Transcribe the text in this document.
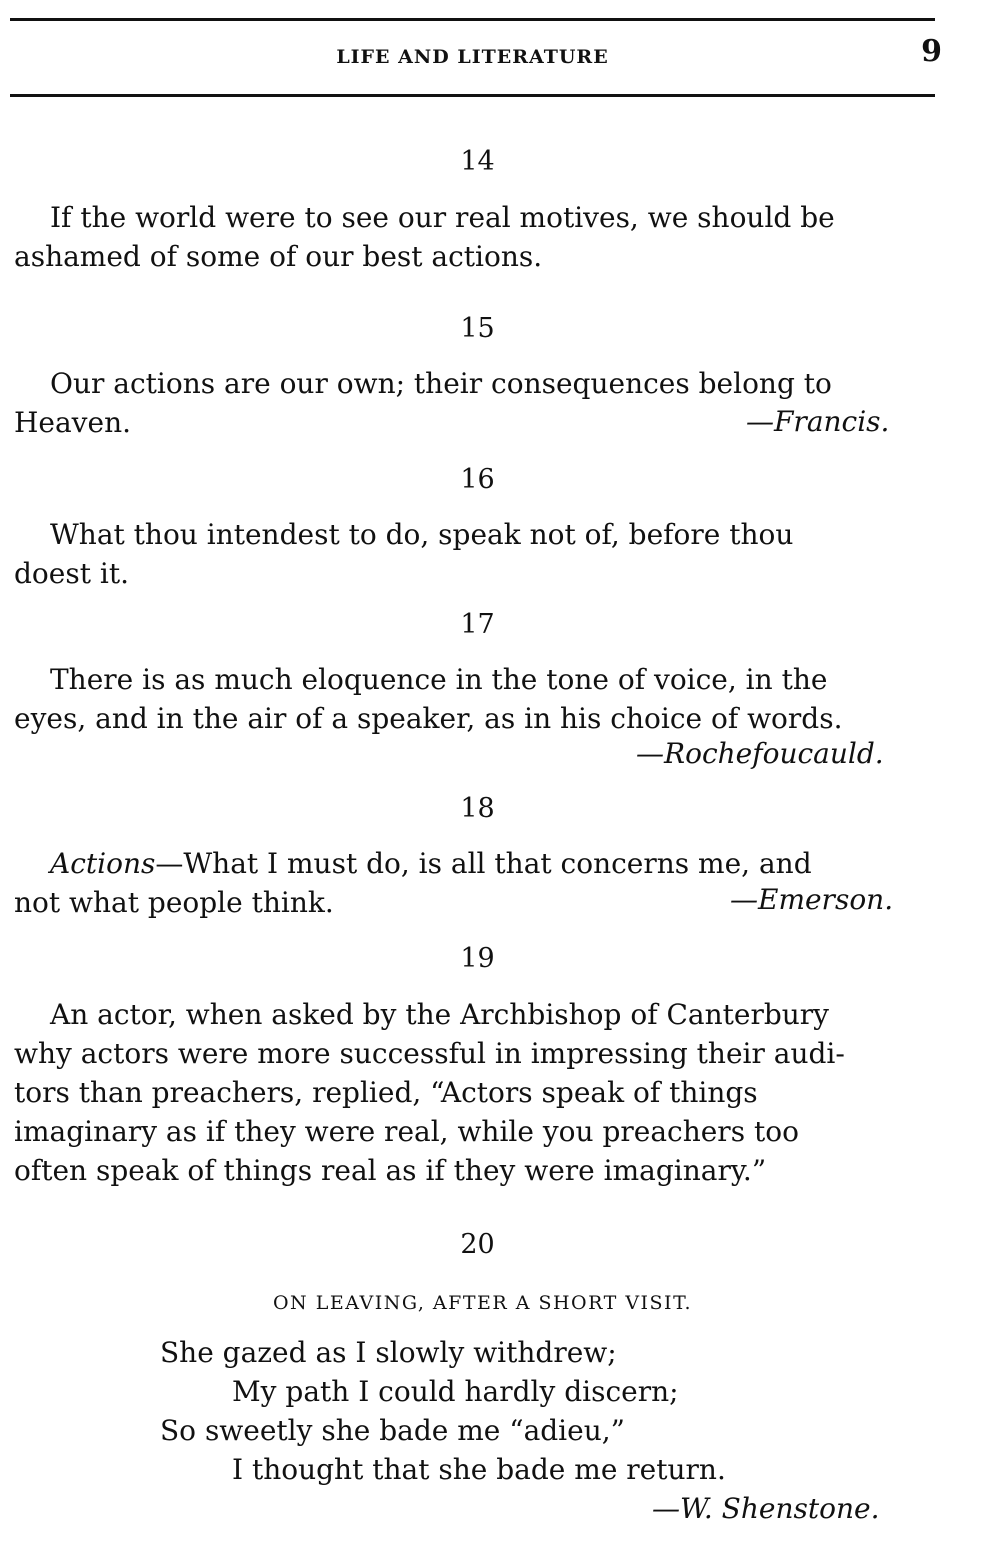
LIFE AND LITERATURE	9
14
If the world were to see our real motives, we should be
ashamed of some of our best actions.
15
Our actions are our own; their consequences belong to
Heaven.	—Francis.
16
What thou intendest to do, speak not of, before thou
doest it.
17
There is as much eloquence in the tone of voice, in the
eyes, and in the air of a speaker, as in his choice of words.
—Rochefoucauld.
18
Actions—What I must do, is all that concerns me, and
not what people think.	—Emerson.
19
An actor, when asked by the Archbishop of Canterbury
why actors were more successful in impressing their audi-
tors than preachers, replied, “Actors speak of things
imaginary as if they were real, while you preachers too
often speak of things real as if they were imaginary.”
20
ON LEAVING, AFTER A SHORT VISIT.
She gazed as I slowly withdrew;
My path I could hardly discern;
So sweetly she bade me “adieu,”
I thought that she bade me return.
—W. Shenstone.
